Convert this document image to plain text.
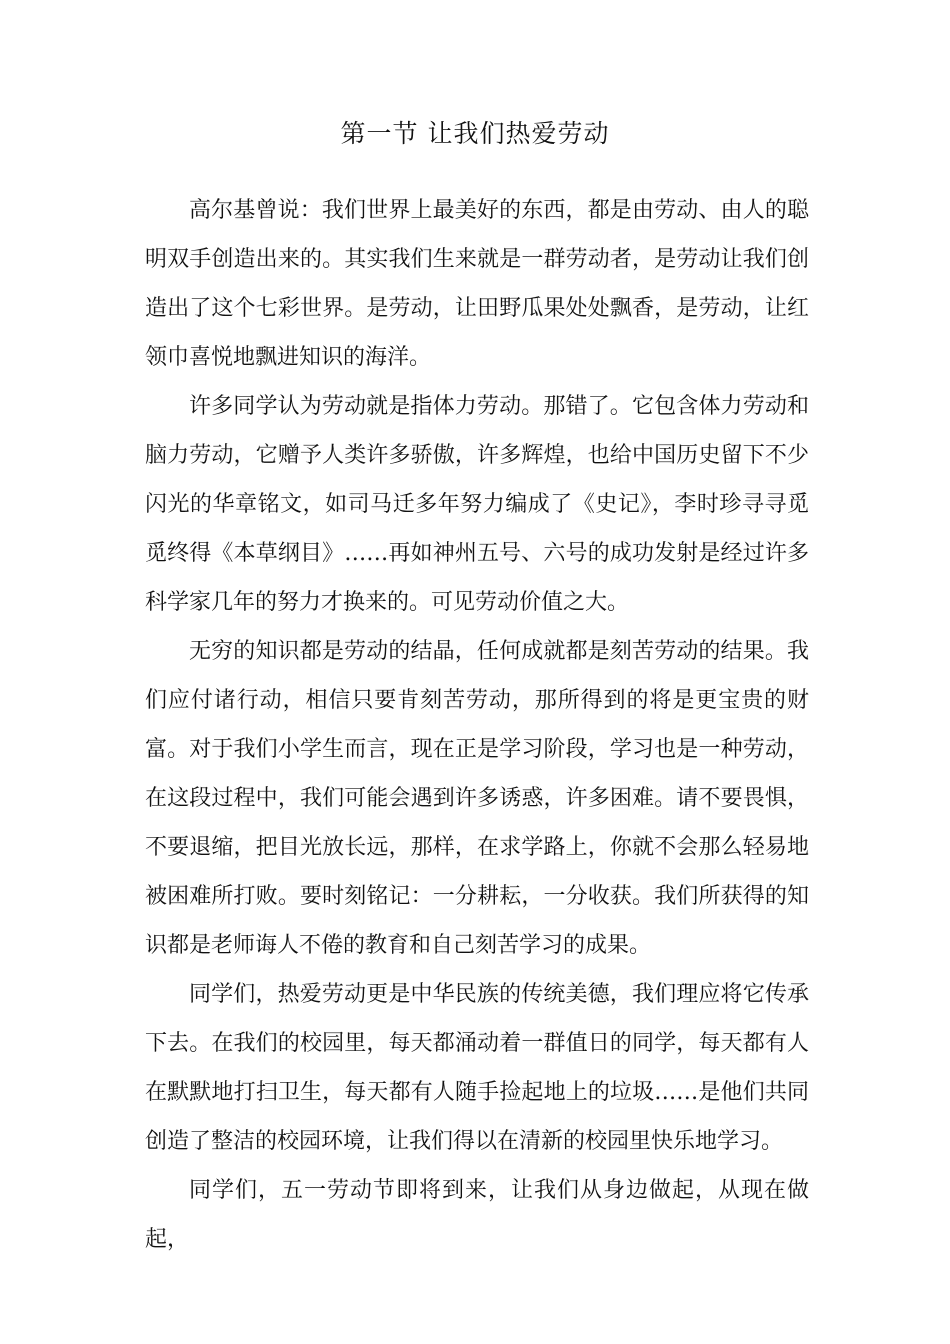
第一节 让我们热爱劳动

高尔基曾说：我们世界上最美好的东西，都是由劳动、由人的聪明双手创造出来的。其实我们生来就是一群劳动者，是劳动让我们创造出了这个七彩世界。是劳动，让田野瓜果处处飘香，是劳动，让红领巾喜悦地飘进知识的海洋。

许多同学认为劳动就是指体力劳动。那错了。它包含体力劳动和脑力劳动，它赠予人类许多骄傲，许多辉煌，也给中国历史留下不少闪光的华章铭文，如司马迁多年努力编成了《史记》，李时珍寻寻觅觅终得《本草纲目》……再如神州五号、六号的成功发射是经过许多科学家几年的努力才换来的。可见劳动价值之大。

无穷的知识都是劳动的结晶，任何成就都是刻苦劳动的结果。我们应付诸行动，相信只要肯刻苦劳动，那所得到的将是更宝贵的财富。对于我们小学生而言，现在正是学习阶段，学习也是一种劳动，在这段过程中，我们可能会遇到许多诱惑，许多困难。请不要畏惧，不要退缩，把目光放长远，那样，在求学路上，你就不会那么轻易地被困难所打败。要时刻铭记：一分耕耘，一分收获。我们所获得的知识都是老师诲人不倦的教育和自己刻苦学习的成果。

同学们，热爱劳动更是中华民族的传统美德，我们理应将它传承下去。在我们的校园里，每天都涌动着一群值日的同学，每天都有人在默默地打扫卫生，每天都有人随手捡起地上的垃圾……是他们共同创造了整洁的校园环境，让我们得以在清新的校园里快乐地学习。

同学们，五一劳动节即将到来，让我们从身边做起，从现在做起，
